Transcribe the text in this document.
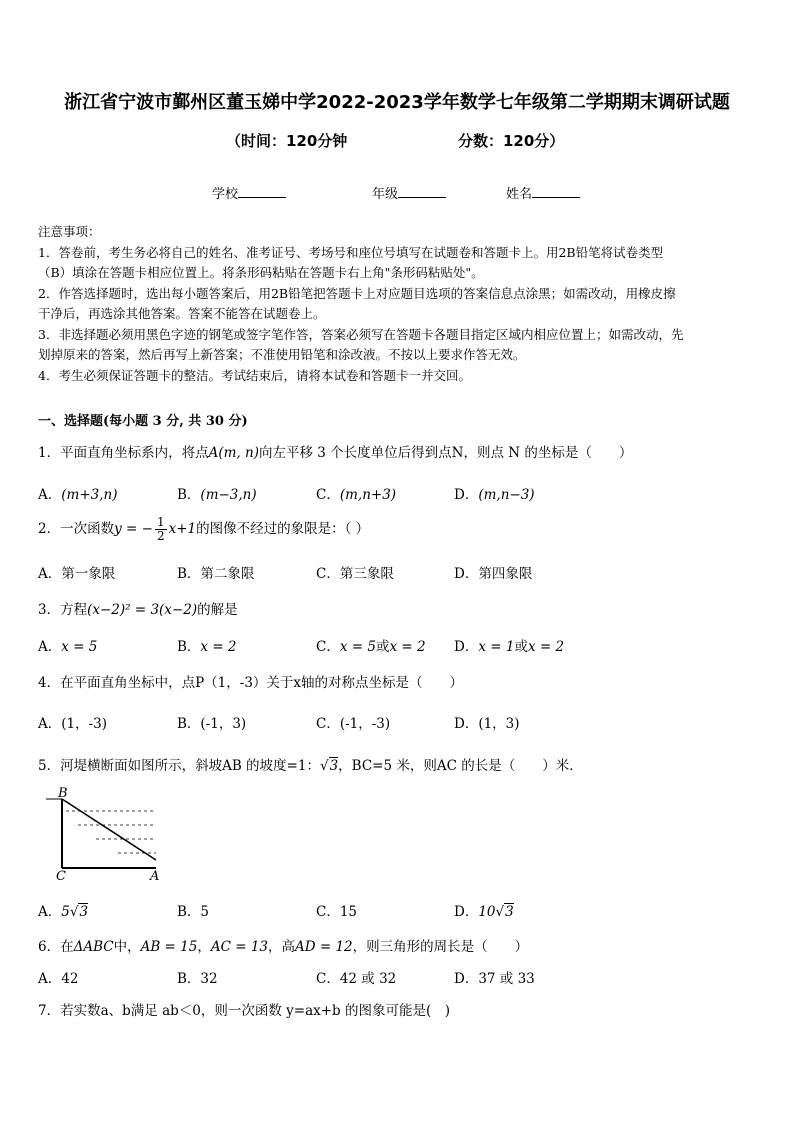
浙江省宁波市鄞州区董玉娣中学2022-2023学年数学七年级第二学期期末调研试题
（时间：120分钟	分数：120分）
学校	年级	姓名
注意事项：
1．答卷前，考生务必将自己的姓名、准考证号、考场号和座位号填写在试题卷和答题卡上。用2B铅笔将试卷类型
（B）填涂在答题卡相应位置上。将条形码粘贴在答题卡右上角"条形码粘贴处"。
2．作答选择题时，选出每小题答案后，用2B铅笔把答题卡上对应题目选项的答案信息点涂黑；如需改动，用橡皮擦
干净后，再选涂其他答案。答案不能答在试题卷上。
3．非选择题必须用黑色字迹的钢笔或签字笔作答，答案必须写在答题卡各题目指定区域内相应位置上；如需改动，先
划掉原来的答案，然后再写上新答案；不准使用铅笔和涂改液。不按以上要求作答无效。
4．考生必须保证答题卡的整洁。考试结束后，请将本试卷和答题卡一并交回。
一、选择题(每小题 3 分, 共 30 分)
1．平面直角坐标系内，将点A(m, n)向左平移 3 个长度单位后得到点N，则点 N 的坐标是（　　）
A．(m+3,n)	B．(m−3,n)	C．(m,n+3)	D．(m,n−3)
2．一次函数y = − $\frac{1}{2} x+1$的图像不经过的象限是：（ ）
A．第一象限	B．第二象限	C．第三象限	D．第四象限
3．方程(x−2)² = 3(x−2)的解是
A．x = 5	B．x = 2	C．x = 5或x = 2 D．x = 1或x = 2
4．在平面直角坐标中，点P（1，-3）关于x轴的对称点坐标是（　　）
A．(1，-3)	B．(-1，3)	C．(-1，-3)	D．(1，3)
5．河堤横断面如图所示，斜坡AB 的坡度=1：√3，BC=5 米，则AC 的长是（　　）米．
B
C	A
A．5√3	B．5	C．15	D．10√3
6．在ΔABC中，AB = 15，AC = 13，高AD = 12，则三角形的周长是（　　）
A．42	B．32	C．42 或 32	D．37 或 33
7．若实数a、b满足 ab＜0，则一次函数 y=ax+b 的图象可能是(　)
